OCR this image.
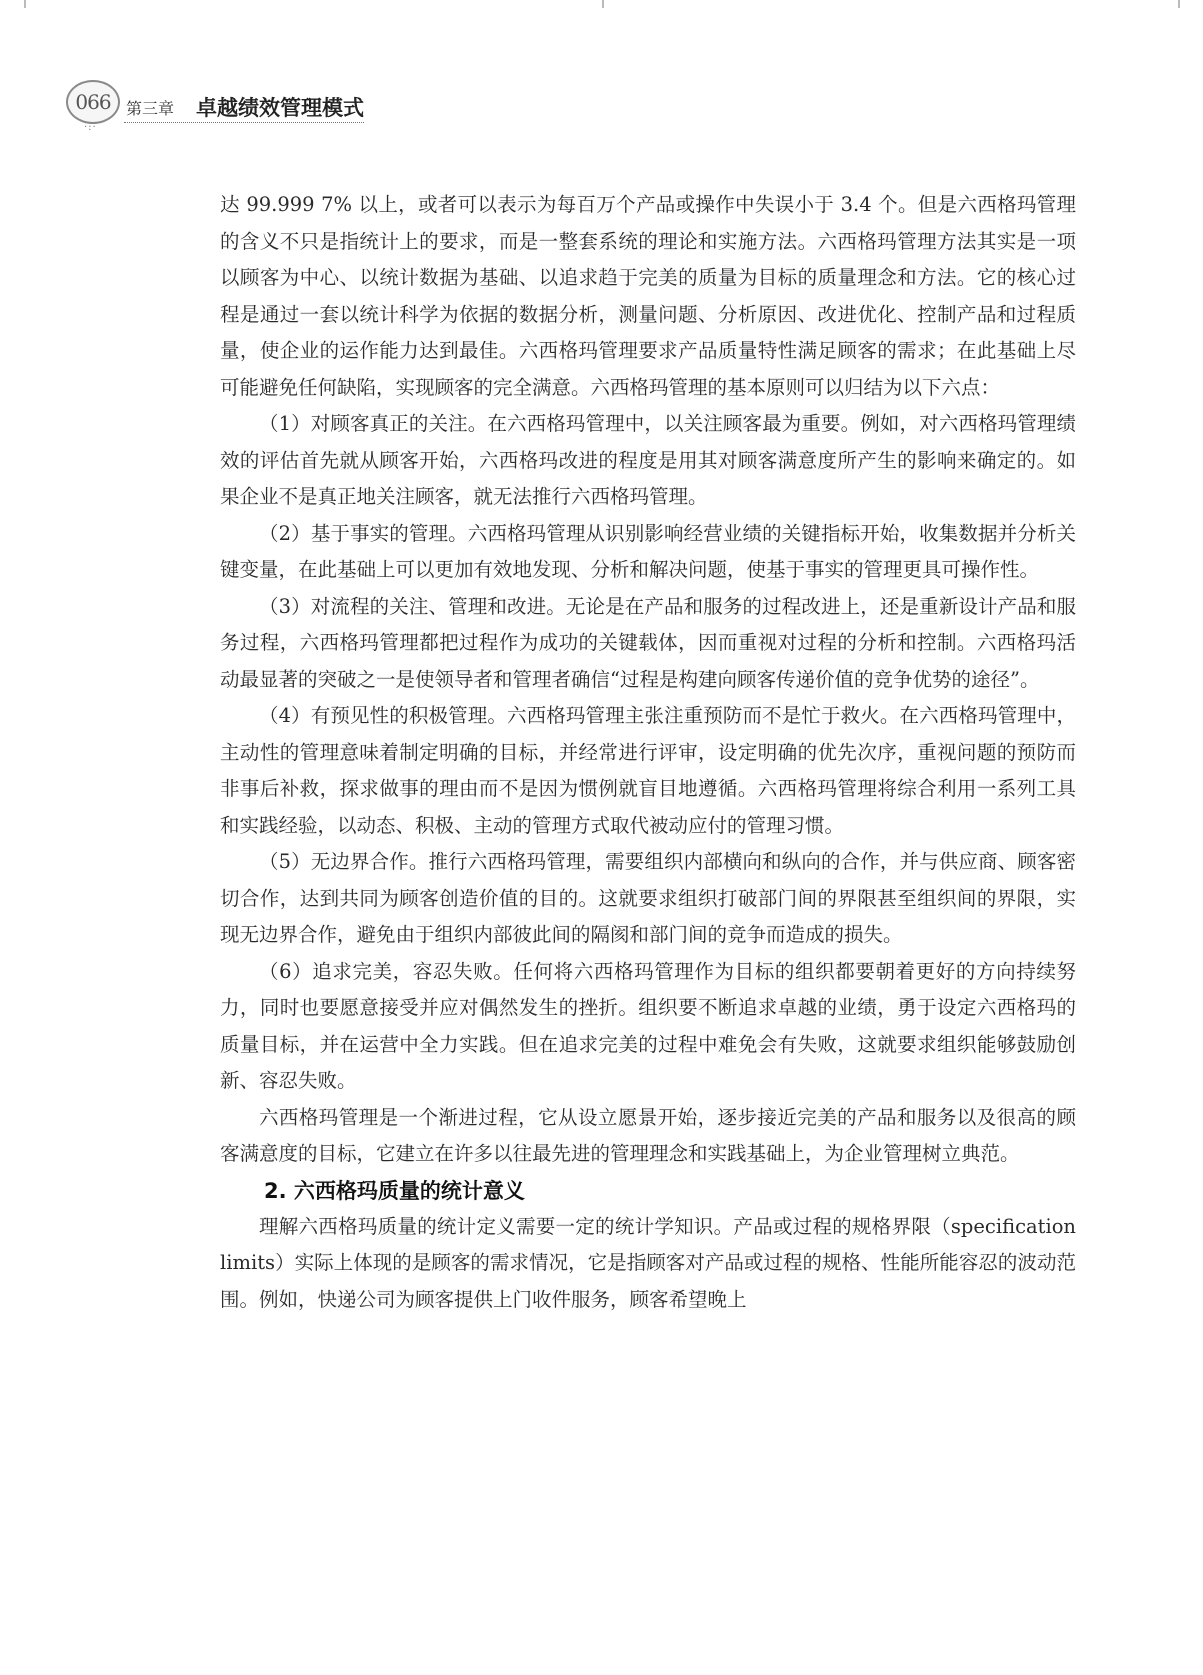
066
·:·
第三章 卓越绩效管理模式

达 99.999 7% 以上，或者可以表示为每百万个产品或操作中失误小于 3.4 个。但是六西格玛管理的含义不只是指统计上的要求，而是一整套系统的理论和实施方法。六西格玛管理方法其实是一项以顾客为中心、以统计数据为基础、以追求趋于完美的质量为目标的质量理念和方法。它的核心过程是通过一套以统计科学为依据的数据分析，测量问题、分析原因、改进优化、控制产品和过程质量，使企业的运作能力达到最佳。六西格玛管理要求产品质量特性满足顾客的需求；在此基础上尽可能避免任何缺陷，实现顾客的完全满意。六西格玛管理的基本原则可以归结为以下六点：

（1）对顾客真正的关注。在六西格玛管理中，以关注顾客最为重要。例如，对六西格玛管理绩效的评估首先就从顾客开始，六西格玛改进的程度是用其对顾客满意度所产生的影响来确定的。如果企业不是真正地关注顾客，就无法推行六西格玛管理。

（2）基于事实的管理。六西格玛管理从识别影响经营业绩的关键指标开始，收集数据并分析关键变量，在此基础上可以更加有效地发现、分析和解决问题，使基于事实的管理更具可操作性。

（3）对流程的关注、管理和改进。无论是在产品和服务的过程改进上，还是重新设计产品和服务过程，六西格玛管理都把过程作为成功的关键载体，因而重视对过程的分析和控制。六西格玛活动最显著的突破之一是使领导者和管理者确信“过程是构建向顾客传递价值的竞争优势的途径”。

（4）有预见性的积极管理。六西格玛管理主张注重预防而不是忙于救火。在六西格玛管理中，主动性的管理意味着制定明确的目标，并经常进行评审，设定明确的优先次序，重视问题的预防而非事后补救，探求做事的理由而不是因为惯例就盲目地遵循。六西格玛管理将综合利用一系列工具和实践经验，以动态、积极、主动的管理方式取代被动应付的管理习惯。

（5）无边界合作。推行六西格玛管理，需要组织内部横向和纵向的合作，并与供应商、顾客密切合作，达到共同为顾客创造价值的目的。这就要求组织打破部门间的界限甚至组织间的界限，实现无边界合作，避免由于组织内部彼此间的隔阂和部门间的竞争而造成的损失。

（6）追求完美，容忍失败。任何将六西格玛管理作为目标的组织都要朝着更好的方向持续努力，同时也要愿意接受并应对偶然发生的挫折。组织要不断追求卓越的业绩，勇于设定六西格玛的质量目标，并在运营中全力实践。但在追求完美的过程中难免会有失败，这就要求组织能够鼓励创新、容忍失败。

六西格玛管理是一个渐进过程，它从设立愿景开始，逐步接近完美的产品和服务以及很高的顾客满意度的目标，它建立在许多以往最先进的管理理念和实践基础上，为企业管理树立典范。

2. 六西格玛质量的统计意义

理解六西格玛质量的统计定义需要一定的统计学知识。产品或过程的规格界限（specification limits）实际上体现的是顾客的需求情况，它是指顾客对产品或过程的规格、性能所能容忍的波动范围。例如，快递公司为顾客提供上门收件服务，顾客希望晚上
